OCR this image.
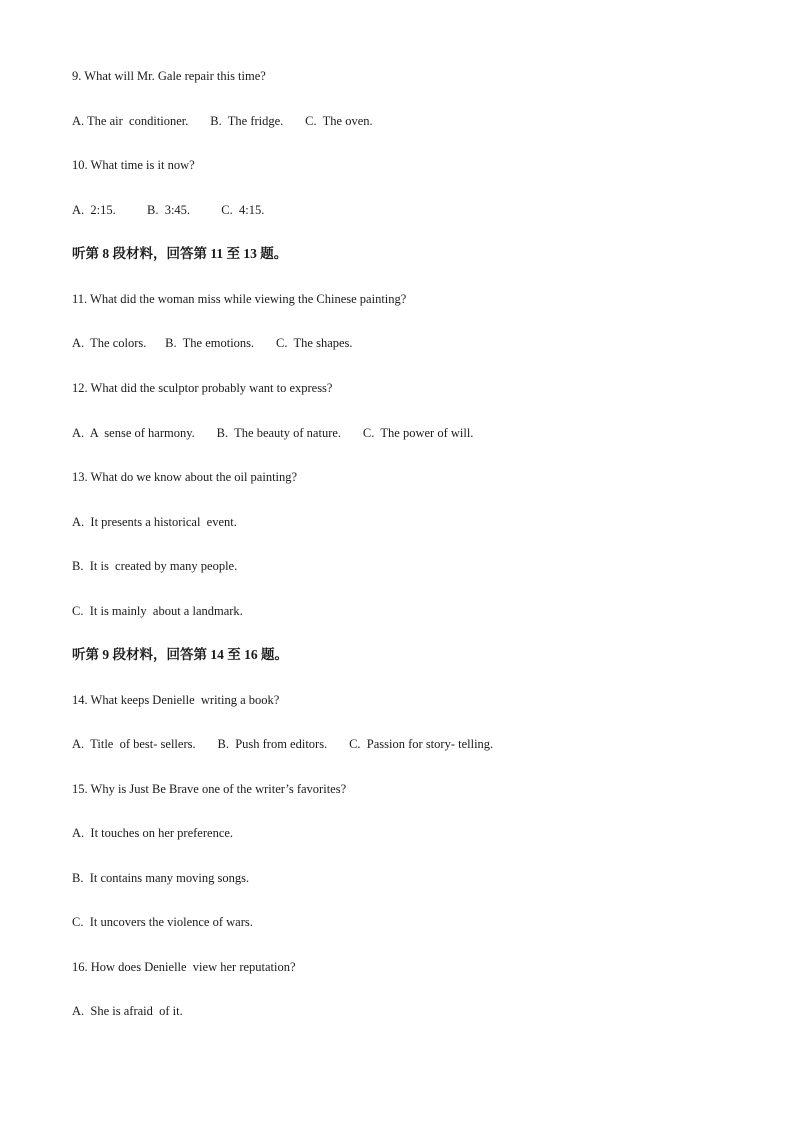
9. What will Mr. Gale repair this time?
A. The air  conditioner.       B.  The fridge.       C.  The oven.
10. What time is it now?
A.  2:15.          B.  3:45.          C.  4:15.
听第 8 段材料，回答第 11 至 13 题。
11. What did the woman miss while viewing the Chinese painting?
A.  The colors.      B.  The emotions.       C.  The shapes.
12. What did the sculptor probably want to express?
A.  A  sense of harmony.       B.  The beauty of nature.       C.  The power of will.
13. What do we know about the oil painting?
A.  It presents a historical  event.
B.  It is  created by many people.
C.  It is mainly  about a landmark.
听第 9 段材料，回答第 14 至 16 题。
14. What keeps Denielle  writing a book?
A.  Title  of best- sellers.       B.  Push from editors.       C.  Passion for story- telling.
15. Why is Just Be Brave one of the writer’s favorites?
A.  It touches on her preference.
B.  It contains many moving songs.
C.  It uncovers the violence of wars.
16. How does Denielle  view her reputation?
A.  She is afraid  of it.
